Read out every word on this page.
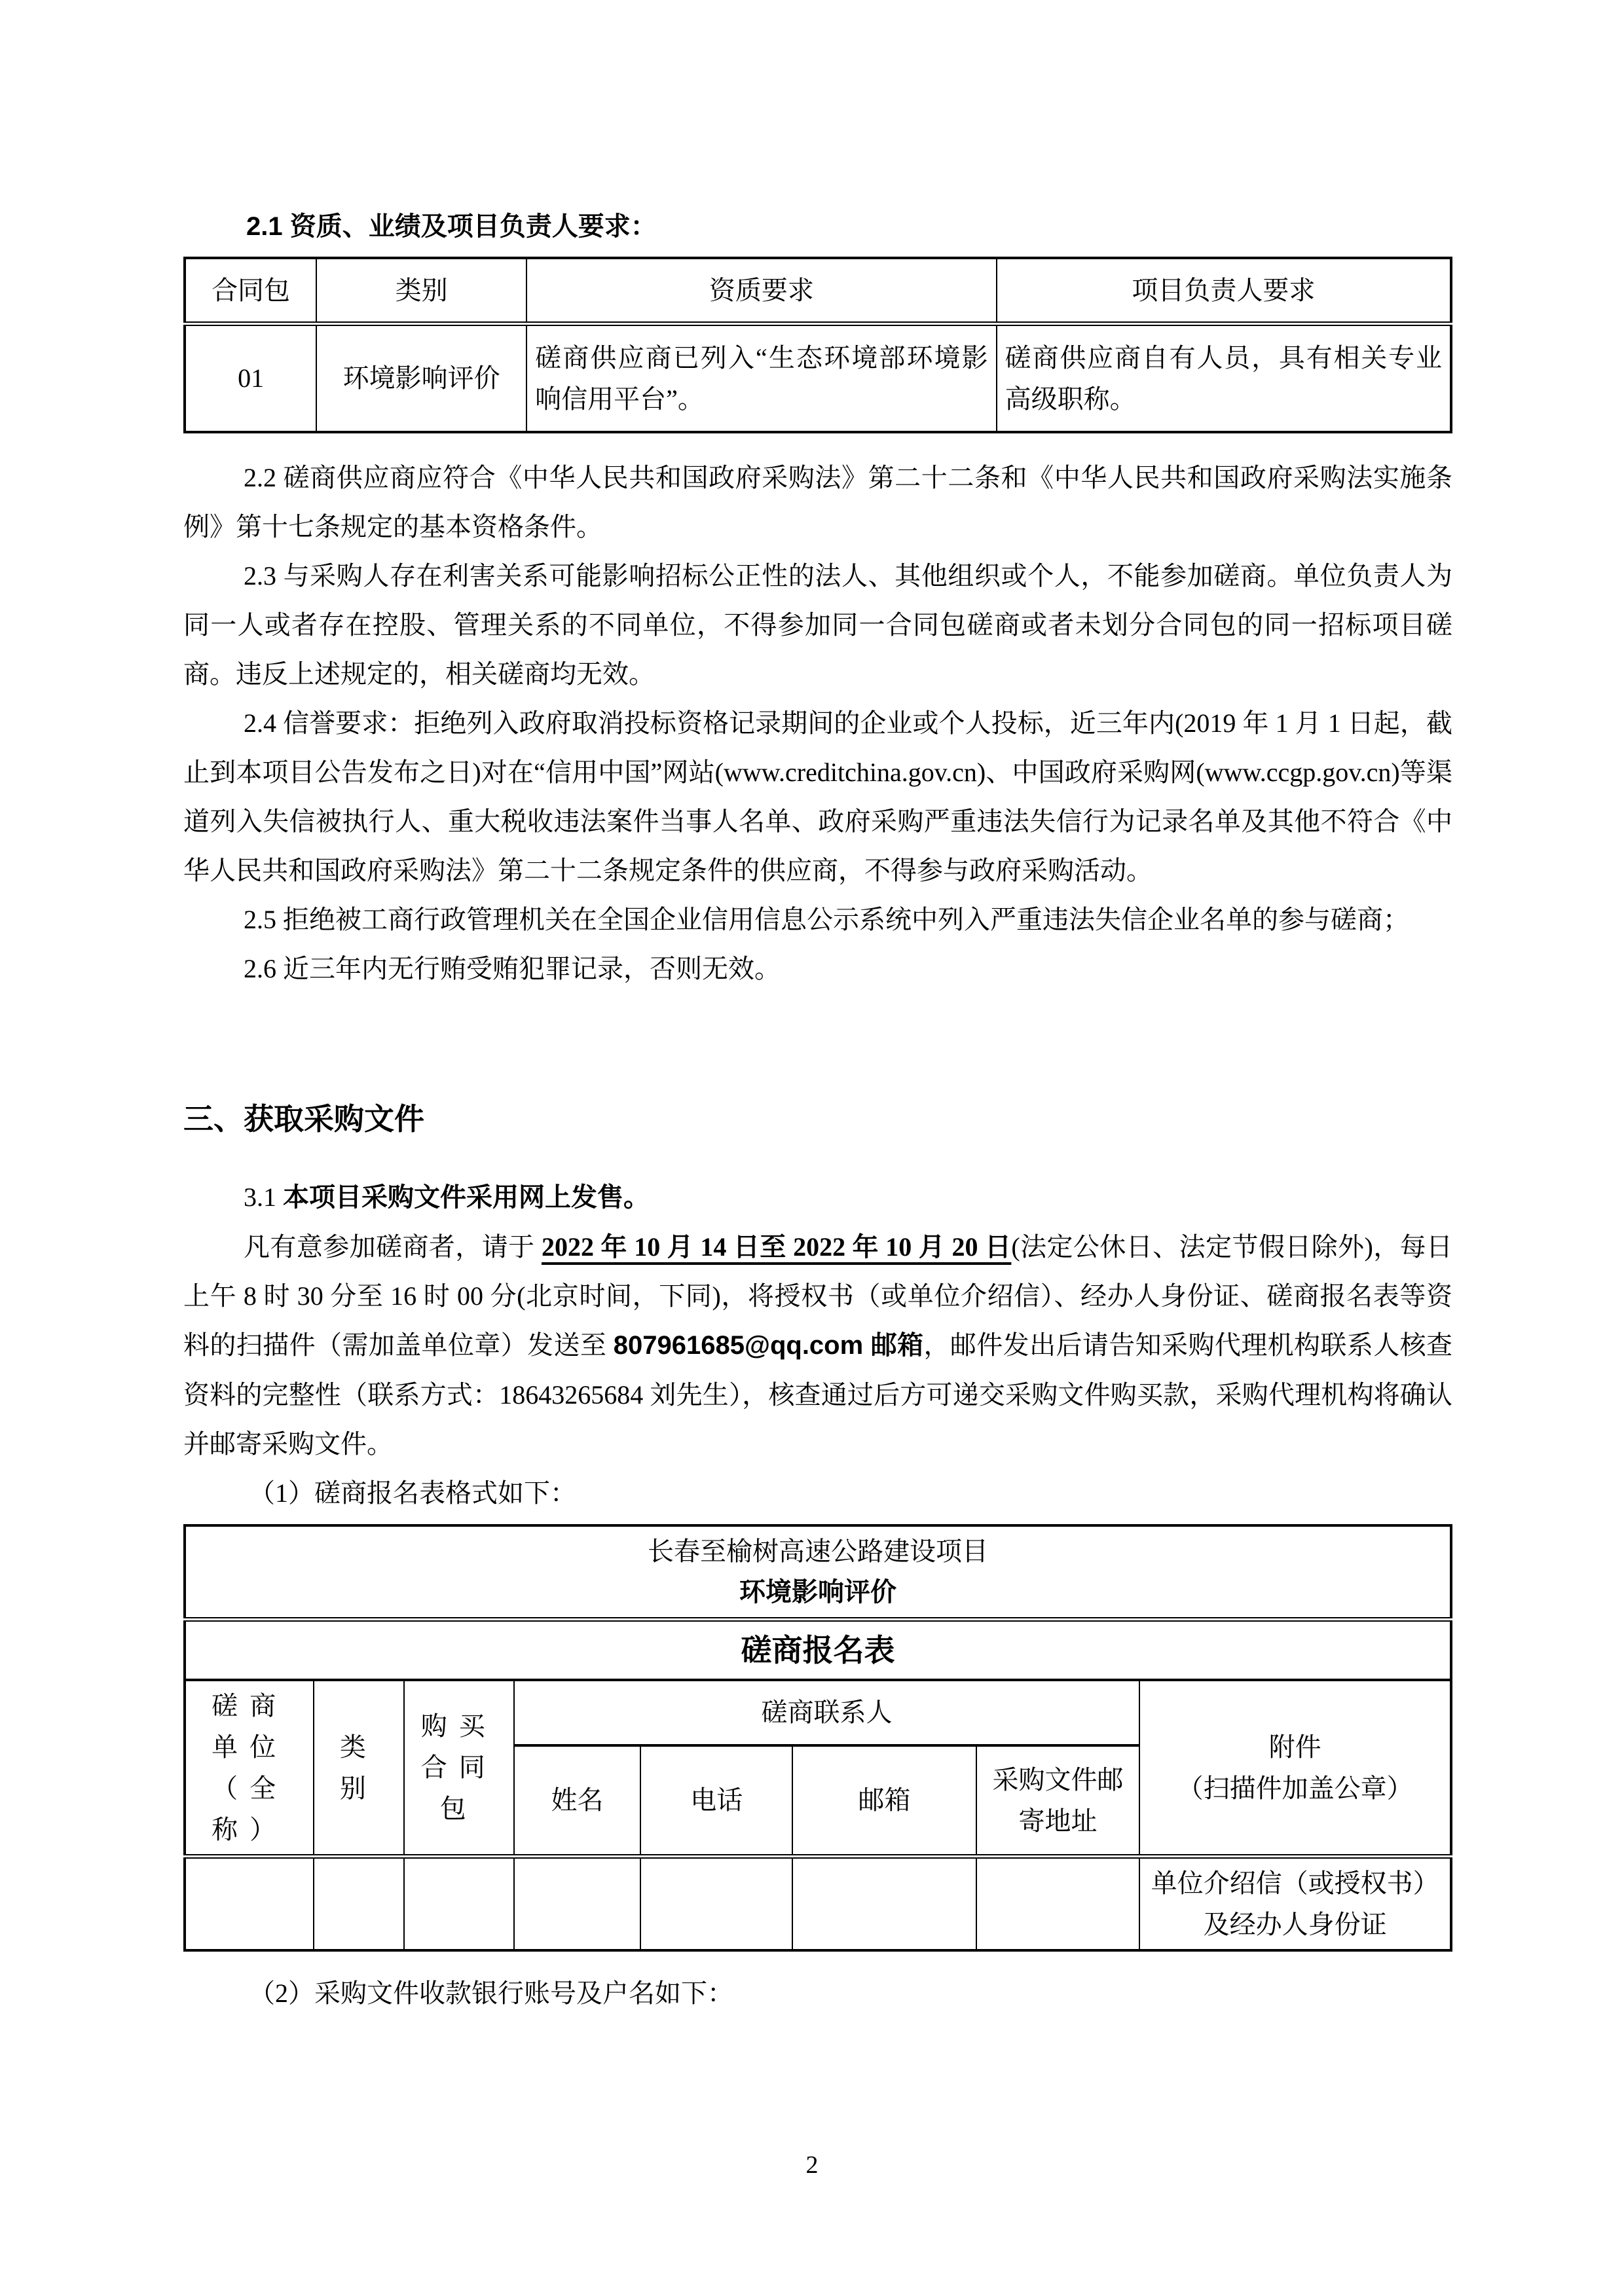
2.1 资质、业绩及项目负责人要求：
合同包	类别	资质要求	项目负责人要求
01	环境影响评价	磋商供应商已列入“生态环境部环境影响信用平台”。	磋商供应商自有人员，具有相关专业高级职称。

2.2 磋商供应商应符合《中华人民共和国政府采购法》第二十二条和《中华人民共和国政府采购法实施条例》第十七条规定的基本资格条件。

2.3 与采购人存在利害关系可能影响招标公正性的法人、其他组织或个人，不能参加磋商。单位负责人为同一人或者存在控股、管理关系的不同单位，不得参加同一合同包磋商或者未划分合同包的同一招标项目磋商。违反上述规定的，相关磋商均无效。

2.4 信誉要求：拒绝列入政府取消投标资格记录期间的企业或个人投标，近三年内(2019 年 1 月 1 日起，截止到本项目公告发布之日)对在“信用中国”网站(www.creditchina.gov.cn)、中国政府采购网(www.ccgp.gov.cn)等渠道列入失信被执行人、重大税收违法案件当事人名单、政府采购严重违法失信行为记录名单及其他不符合《中华人民共和国政府采购法》第二十二条规定条件的供应商，不得参与政府采购活动。

2.5 拒绝被工商行政管理机关在全国企业信用信息公示系统中列入严重违法失信企业名单的参与磋商；

2.6 近三年内无行贿受贿犯罪记录，否则无效。

三、获取采购文件

3.1 本项目采购文件采用网上发售。

凡有意参加磋商者，请于 2022 年 10 月 14 日至 2022 年 10 月 20 日(法定公休日、法定节假日除外)，每日上午 8 时 30 分至 16 时 00 分(北京时间，下同)，将授权书（或单位介绍信）、经办人身份证、磋商报名表等资料的扫描件（需加盖单位章）发送至 807961685@qq.com 邮箱，邮件发出后请告知采购代理机构联系人核查资料的完整性（联系方式：18643265684 刘先生），核查通过后方可递交采购文件购买款，采购代理机构将确认并邮寄采购文件。

（1）磋商报名表格式如下：

长春至榆树高速公路建设项目
环境影响评价							

磋商报名表							
磋商单位（全称）	类别	购买合同包	磋商联系人				附件
（扫描件加盖公章）

			姓名	电话	邮箱	采购文件邮寄地址	
							单位介绍信（或授权书）及经办人身份证

（2）采购文件收款银行账号及户名如下：

2
